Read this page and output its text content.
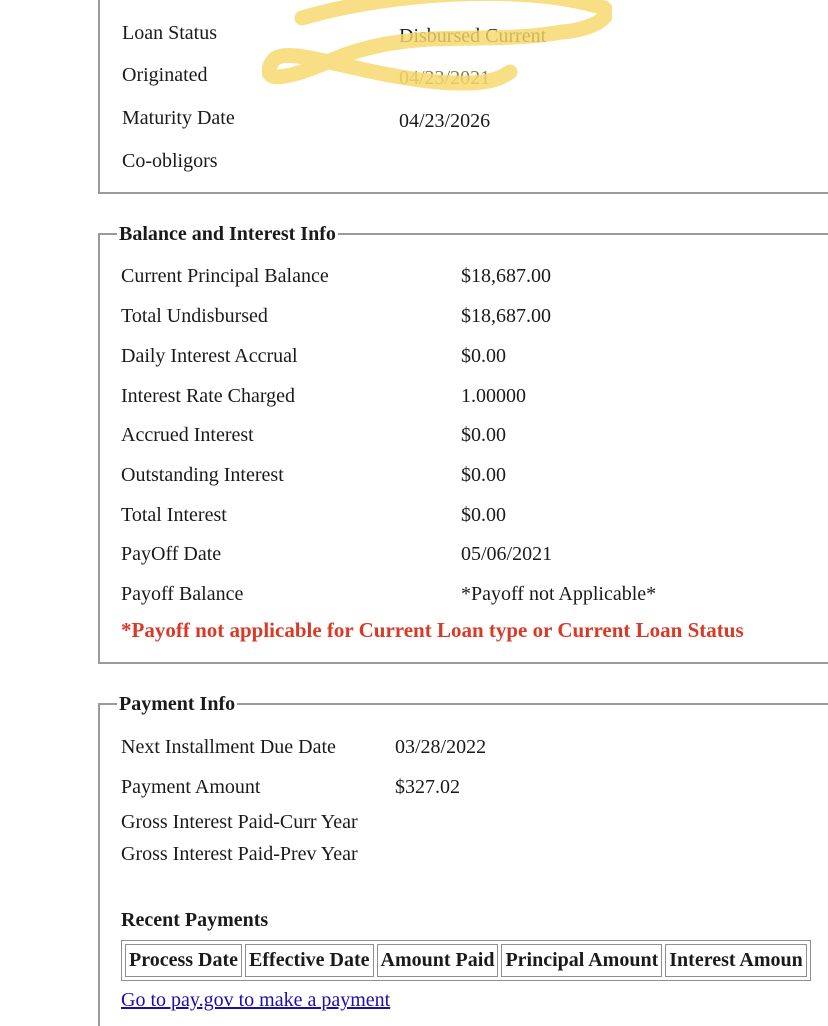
Loan Status	Disbursed Current
Originated	04/23/2021
Maturity Date	04/23/2026
Co-obligors
Balance and Interest Info
Current Principal Balance	$18,687.00
Total Undisbursed	$18,687.00
Daily Interest Accrual	$0.00
Interest Rate Charged	1.00000
Accrued Interest	$0.00
Outstanding Interest	$0.00
Total Interest	$0.00
PayOff Date	05/06/2021
Payoff Balance	*Payoff not Applicable*
*Payoff not applicable for Current Loan type or Current Loan Status
Payment Info
Next Installment Due Date	03/28/2022
Payment Amount	$327.02
Gross Interest Paid-Curr Year
Gross Interest Paid-Prev Year
Recent Payments
Process Date	Effective Date	Amount Paid	Principal Amount	Interest Amoun
Go to pay.gov to make a payment
